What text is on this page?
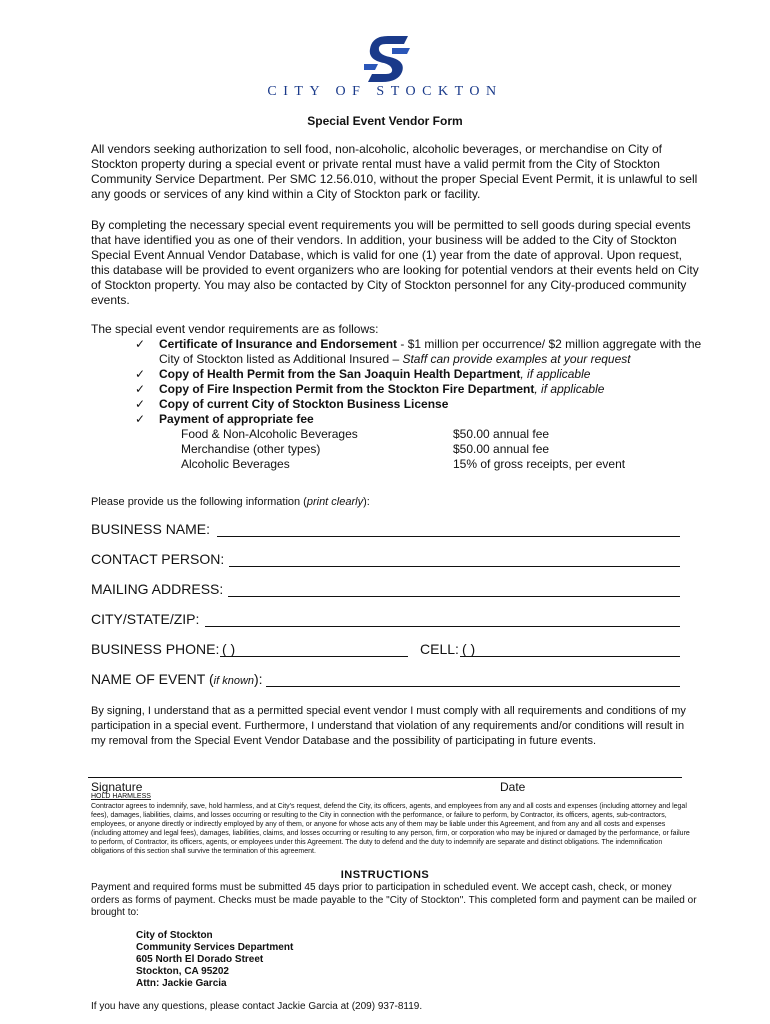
CITY OF STOCKTON
Special Event Vendor Form
All vendors seeking authorization to sell food, non-alcoholic, alcoholic beverages, or merchandise on City of Stockton property during a special event or private rental must have a valid permit from the City of Stockton Community Service Department. Per SMC 12.56.010, without the proper Special Event Permit, it is unlawful to sell any goods or services of any kind within a City of Stockton park or facility.
By completing the necessary special event requirements you will be permitted to sell goods during special events that have identified you as one of their vendors. In addition, your business will be added to the City of Stockton Special Event Annual Vendor Database, which is valid for one (1) year from the date of approval. Upon request, this database will be provided to event organizers who are looking for potential vendors at their events held on City of Stockton property. You may also be contacted by City of Stockton personnel for any City-produced community events.
The special event vendor requirements are as follows:
✓ Certificate of Insurance and Endorsement - $1 million per occurrence/ $2 million aggregate with the City of Stockton listed as Additional Insured – Staff can provide examples at your request
✓ Copy of Health Permit from the San Joaquin Health Department, if applicable
✓ Copy of Fire Inspection Permit from the Stockton Fire Department, if applicable
✓ Copy of current City of Stockton Business License
✓ Payment of appropriate fee
Food & Non-Alcoholic Beverages	$50.00 annual fee
Merchandise (other types)	$50.00 annual fee
Alcoholic Beverages	15% of gross receipts, per event
Please provide us the following information (print clearly):
BUSINESS NAME:
CONTACT PERSON:
MAILING ADDRESS:
CITY/STATE/ZIP:
BUSINESS PHONE: ( )	CELL: ( )
NAME OF EVENT (if known):
By signing, I understand that as a permitted special event vendor I must comply with all requirements and conditions of my participation in a special event. Furthermore, I understand that violation of any requirements and/or conditions will result in my removal from the Special Event Vendor Database and the possibility of participating in future events.
Signature	Date
HOLD HARMLESS
Contractor agrees to indemnify, save, hold harmless, and at City's request, defend the City, its officers, agents, and employees from any and all costs and expenses (including attorney and legal fees), damages, liabilities, claims, and losses occurring or resulting to the City in connection with the performance, or failure to perform, by Contractor, its officers, agents, sub-contractors, employees, or anyone directly or indirectly employed by any of them, or anyone for whose acts any of them may be liable under this Agreement, and from any and all costs and expenses (including attorney and legal fees), damages, liabilities, claims, and losses occurring or resulting to any person, firm, or corporation who may be injured or damaged by the performance, or failure to perform, of Contractor, its officers, agents, or employees under this Agreement. The duty to defend and the duty to indemnify are separate and distinct obligations. The indemnification obligations of this section shall survive the termination of this agreement.
INSTRUCTIONS
Payment and required forms must be submitted 45 days prior to participation in scheduled event. We accept cash, check, or money orders as forms of payment. Checks must be made payable to the "City of Stockton". This completed form and payment can be mailed or brought to:
City of Stockton
Community Services Department
605 North El Dorado Street
Stockton, CA 95202
Attn: Jackie Garcia
If you have any questions, please contact Jackie Garcia at (209) 937-8119.
